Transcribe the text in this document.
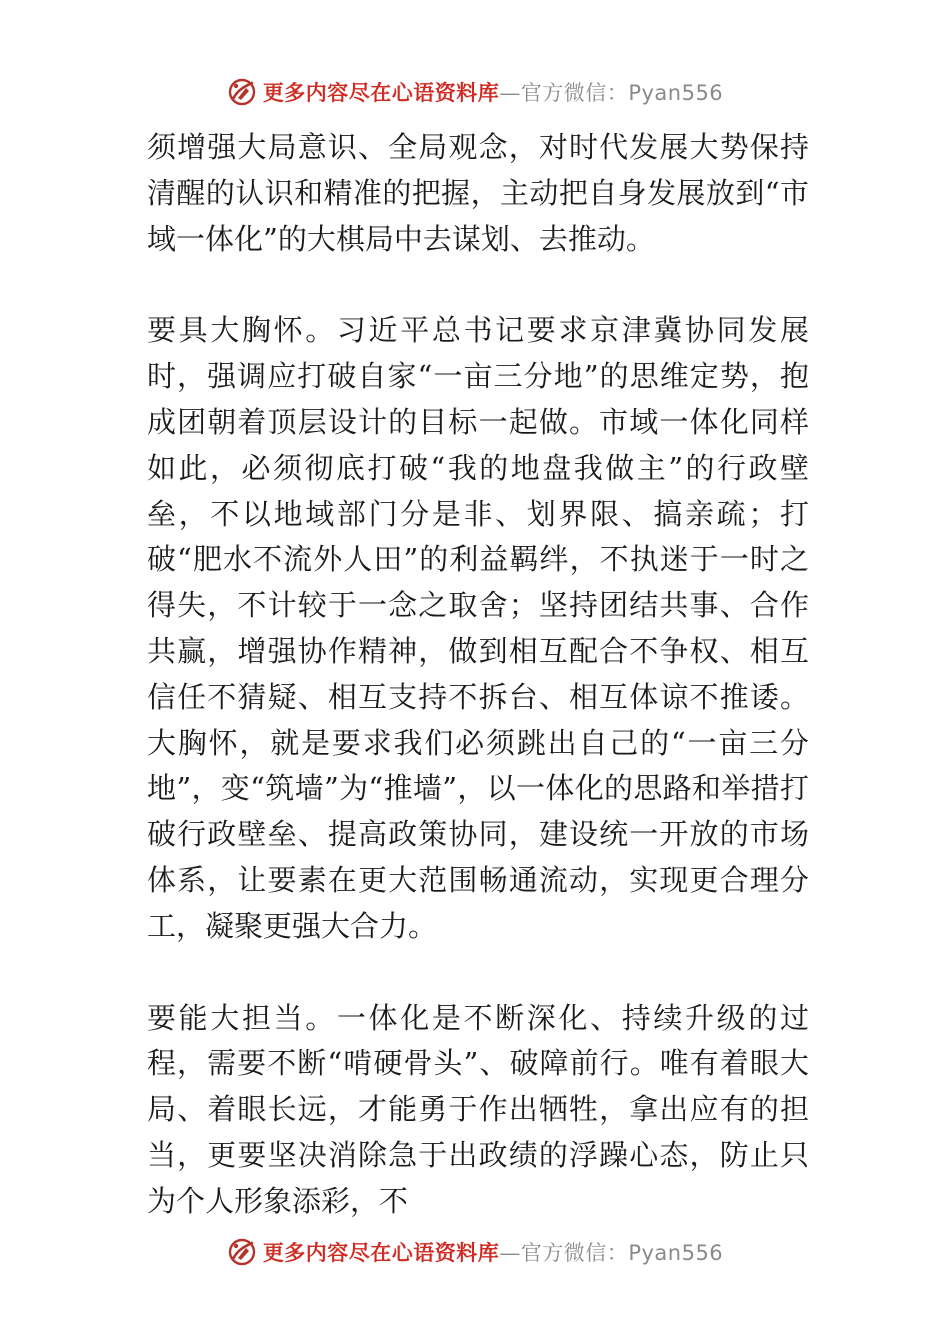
更多内容尽在心语资料库—官方微信：Pyan556

须增强大局意识、全局观念，对时代发展大势保持清醒的认识和精准的把握，主动把自身发展放到“市域一体化”的大棋局中去谋划、去推动。

要具大胸怀。习近平总书记要求京津冀协同发展时，强调应打破自家“一亩三分地”的思维定势，抱成团朝着顶层设计的目标一起做。市域一体化同样如此，必须彻底打破“我的地盘我做主”的行政壁垒，不以地域部门分是非、划界限、搞亲疏；打破“肥水不流外人田”的利益羁绊，不执迷于一时之得失，不计较于一念之取舍；坚持团结共事、合作共赢，增强协作精神，做到相互配合不争权、相互信任不猜疑、相互支持不拆台、相互体谅不推诿。大胸怀，就是要求我们必须跳出自己的“一亩三分地”，变“筑墙”为“推墙”，以一体化的思路和举措打破行政壁垒、提高政策协同，建设统一开放的市场体系，让要素在更大范围畅通流动，实现更合理分工，凝聚更强大合力。

要能大担当。一体化是不断深化、持续升级的过程，需要不断“啃硬骨头”、破障前行。唯有着眼大局、着眼长远，才能勇于作出牺牲，拿出应有的担当，更要坚决消除急于出政绩的浮躁心态，防止只为个人形象添彩，不

更多内容尽在心语资料库—官方微信：Pyan556
